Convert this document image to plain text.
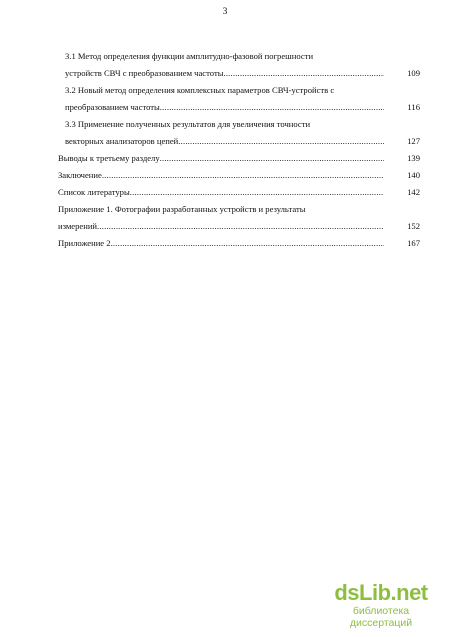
3
3.1 Метод определения функции амплитудно-фазовой погрешности
устройств СВЧ с преобразованием частоты .....	109
3.2 Новый метод определения комплексных параметров СВЧ-устройств с
преобразованием частоты .....	116
3.3 Применение полученных результатов для увеличения точности
векторных анализаторов цепей .....	127
Выводы к третьему разделу .....	139
Заключение .....	140
Список литературы .....	142
Приложение 1. Фотографии разработанных устройств и результаты
измерений .....	152
Приложение 2 .....	167
dsLib.net
библиотека диссертаций
